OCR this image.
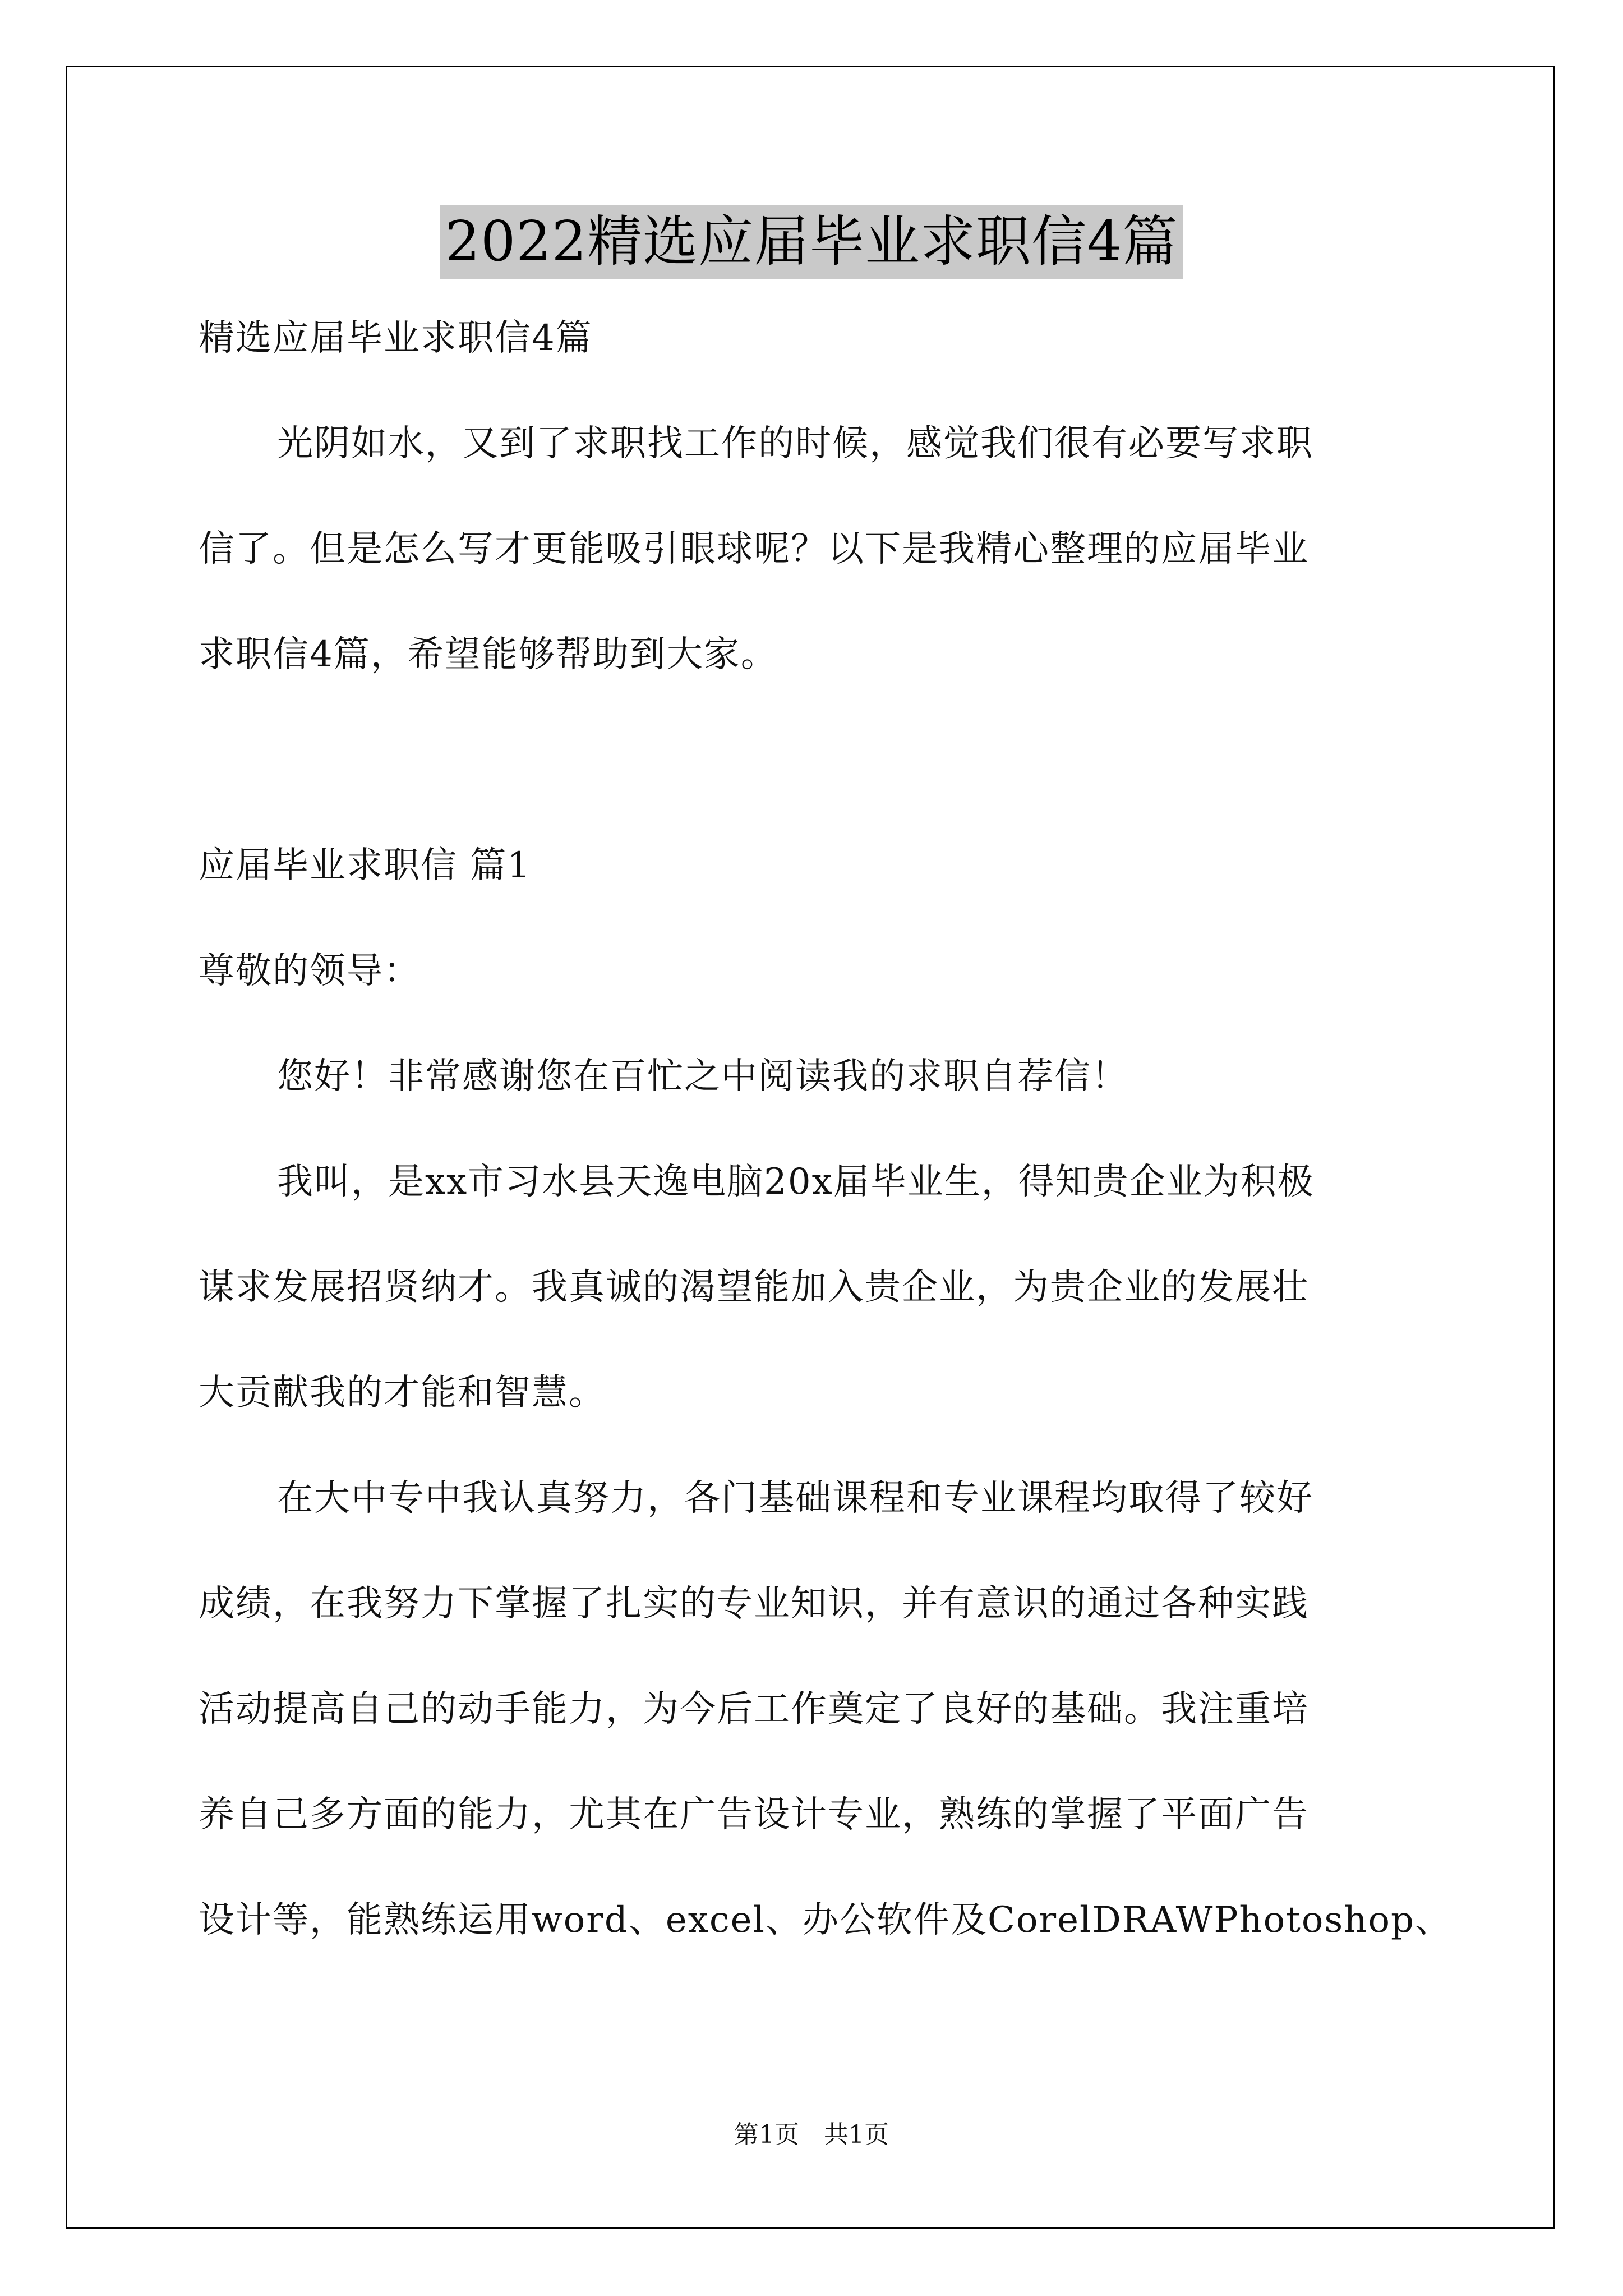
2022精选应届毕业求职信4篇
精选应届毕业求职信4篇
光阴如水，又到了求职找工作的时候，感觉我们很有必要写求职
信了。但是怎么写才更能吸引眼球呢？以下是我精心整理的应届毕业
求职信4篇，希望能够帮助到大家。
应届毕业求职信 篇1
尊敬的领导：
您好！非常感谢您在百忙之中阅读我的求职自荐信！
我叫，是xx市习水县天逸电脑20x届毕业生，得知贵企业为积极
谋求发展招贤纳才。我真诚的渴望能加入贵企业，为贵企业的发展壮
大贡献我的才能和智慧。
在大中专中我认真努力，各门基础课程和专业课程均取得了较好
成绩，在我努力下掌握了扎实的专业知识，并有意识的通过各种实践
活动提高自己的动手能力，为今后工作奠定了良好的基础。我注重培
养自己多方面的能力，尤其在广告设计专业，熟练的掌握了平面广告
设计等，能熟练运用word、excel、办公软件及CorelDRAWPhotoshop、
第1页　共1页
